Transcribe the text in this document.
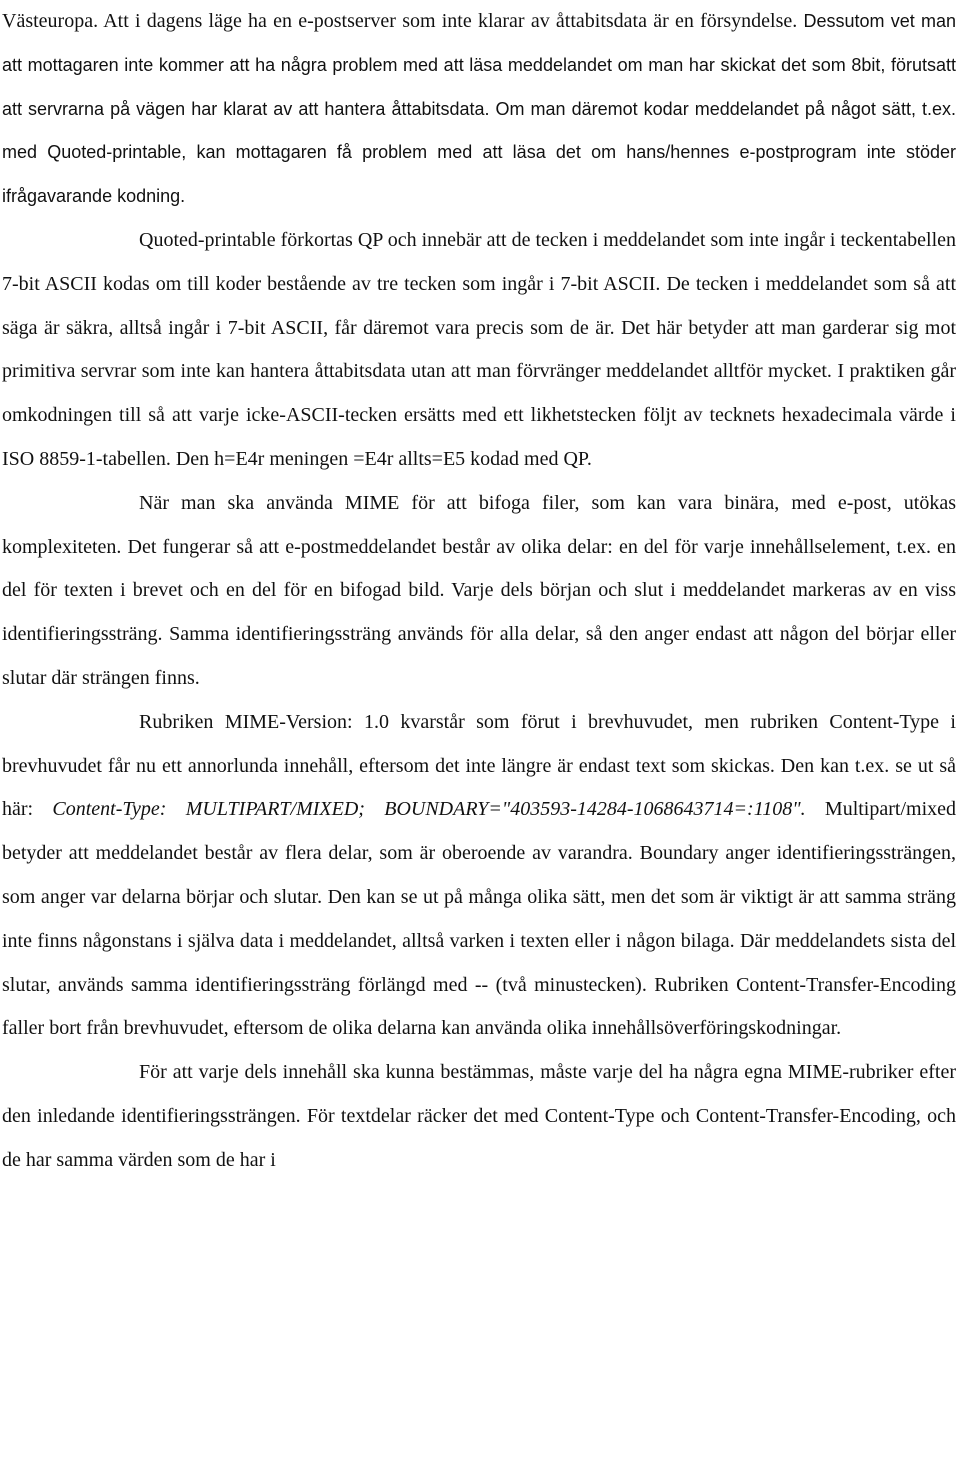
Västeuropa. Att i dagens läge ha en e-postserver som inte klarar av åttabitsdata är en försyndelse. Dessutom vet man att mottagaren inte kommer att ha några problem med att läsa meddelandet om man har skickat det som 8bit, förutsatt att servrarna på vägen har klarat av att hantera åttabitsdata. Om man däremot kodar meddelandet på något sätt, t.ex. med Quoted-printable, kan mottagaren få problem med att läsa det om hans/hennes e-postprogram inte stöder ifrågavarande kodning.

Quoted-printable förkortas QP och innebär att de tecken i meddelandet som inte ingår i teckentabellen 7-bit ASCII kodas om till koder bestående av tre tecken som ingår i 7-bit ASCII. De tecken i meddelandet som så att säga är säkra, alltså ingår i 7-bit ASCII, får däremot vara precis som de är. Det här betyder att man garderar sig mot primitiva servrar som inte kan hantera åttabitsdata utan att man förvränger meddelandet alltför mycket. I praktiken går omkodningen till så att varje icke-ASCII-tecken ersätts med ett likhetstecken följt av tecknets hexadecimala värde i ISO 8859-1-tabellen. Den h=E4r meningen =E4r allts=E5 kodad med QP.

När man ska använda MIME för att bifoga filer, som kan vara binära, med e-post, utökas komplexiteten. Det fungerar så att e-postmeddelandet består av olika delar: en del för varje innehållselement, t.ex. en del för texten i brevet och en del för en bifogad bild. Varje dels början och slut i meddelandet markeras av en viss identifieringssträng. Samma identifieringssträng används för alla delar, så den anger endast att någon del börjar eller slutar där strängen finns.

Rubriken MIME-Version: 1.0 kvarstår som förut i brevhuvudet, men rubriken Content-Type i brevhuvudet får nu ett annorlunda innehåll, eftersom det inte längre är endast text som skickas. Den kan t.ex. se ut så här: Content-Type: MULTIPART/MIXED; BOUNDARY="403593-14284-1068643714=:1108". Multipart/mixed betyder att meddelandet består av flera delar, som är oberoende av varandra. Boundary anger identifieringssträngen, som anger var delarna börjar och slutar. Den kan se ut på många olika sätt, men det som är viktigt är att samma sträng inte finns någonstans i själva data i meddelandet, alltså varken i texten eller i någon bilaga. Där meddelandets sista del slutar, används samma identifieringssträng förlängd med -- (två minustecken). Rubriken Content-Transfer-Encoding faller bort från brevhuvudet, eftersom de olika delarna kan använda olika innehållsöverföringskodningar.

För att varje dels innehåll ska kunna bestämmas, måste varje del ha några egna MIME-rubriker efter den inledande identifieringssträngen. För textdelar räcker det med Content-Type och Content-Transfer-Encoding, och de har samma värden som de har i
